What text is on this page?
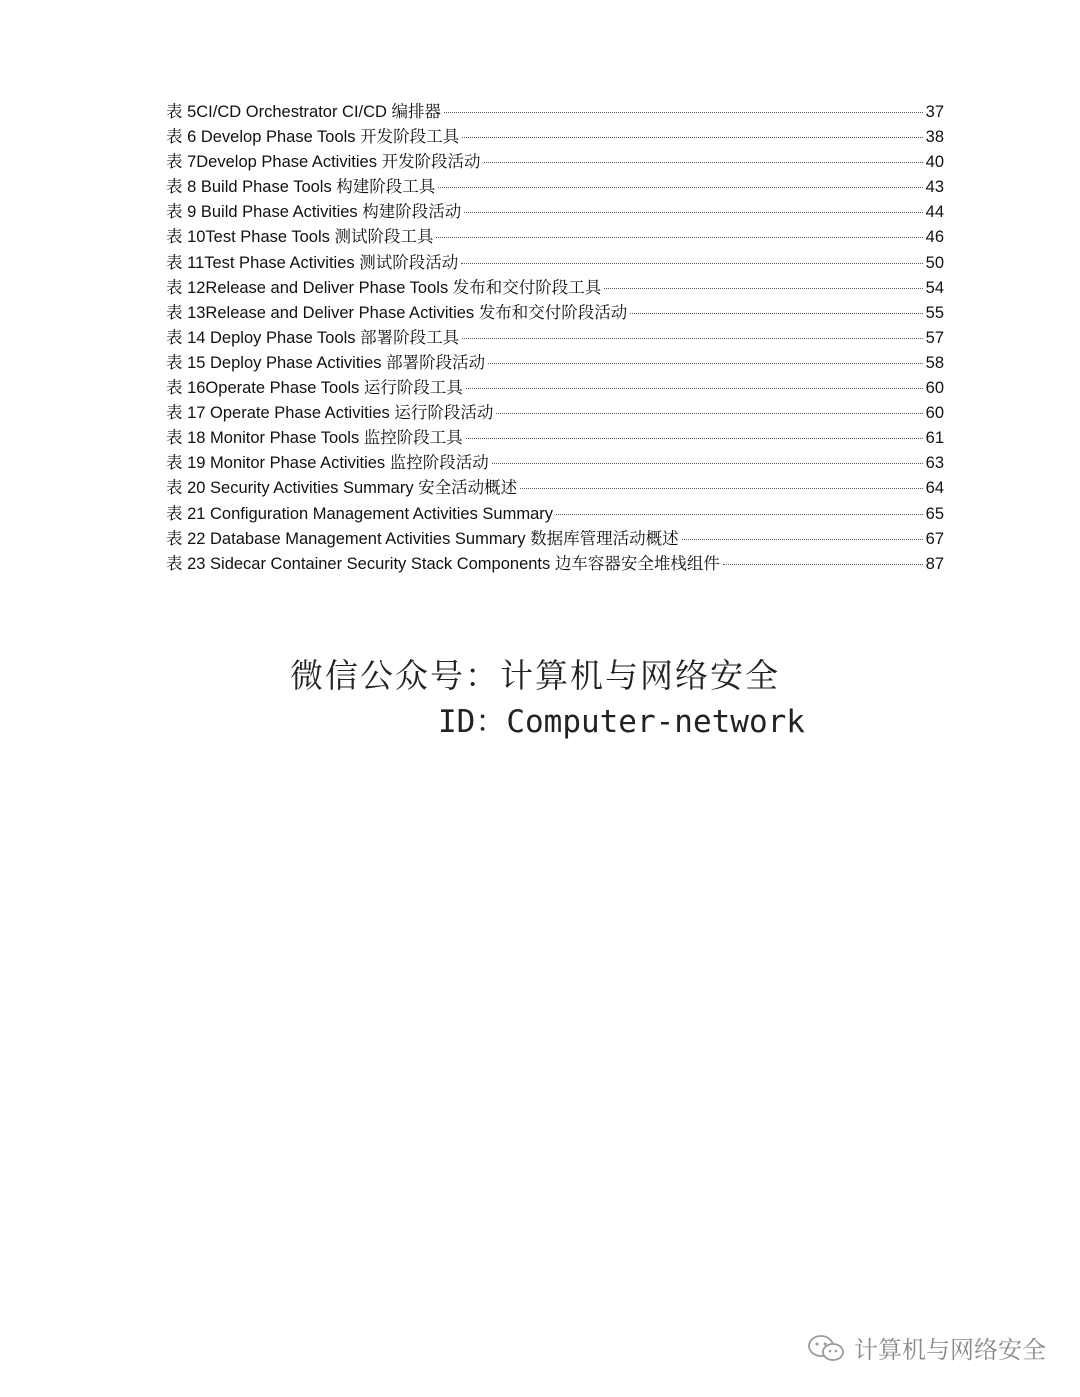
表 5CI/CD Orchestrator CI/CD 编排器	37
表 6 Develop Phase Tools 开发阶段工具	38
表 7Develop Phase Activities 开发阶段活动	40
表 8 Build Phase Tools 构建阶段工具	43
表 9 Build Phase Activities 构建阶段活动	44
表 10Test Phase Tools 测试阶段工具	46
表 11Test Phase Activities 测试阶段活动	50
表 12Release and Deliver Phase Tools 发布和交付阶段工具	54
表 13Release and Deliver Phase Activities 发布和交付阶段活动	55
表 14 Deploy Phase Tools 部署阶段工具	57
表 15 Deploy Phase Activities 部署阶段活动	58
表 16Operate Phase Tools 运行阶段工具	60
表 17 Operate Phase Activities 运行阶段活动	60
表 18 Monitor Phase Tools 监控阶段工具	61
表 19 Monitor Phase Activities 监控阶段活动	63
表 20 Security Activities Summary 安全活动概述	64
表 21 Configuration Management Activities Summary	65
表 22 Database Management Activities Summary 数据库管理活动概述	67
表 23 Sidecar Container Security Stack Components 边车容器安全堆栈组件	87
微信公众号：计算机与网络安全
ID：Computer-network
计算机与网络安全
